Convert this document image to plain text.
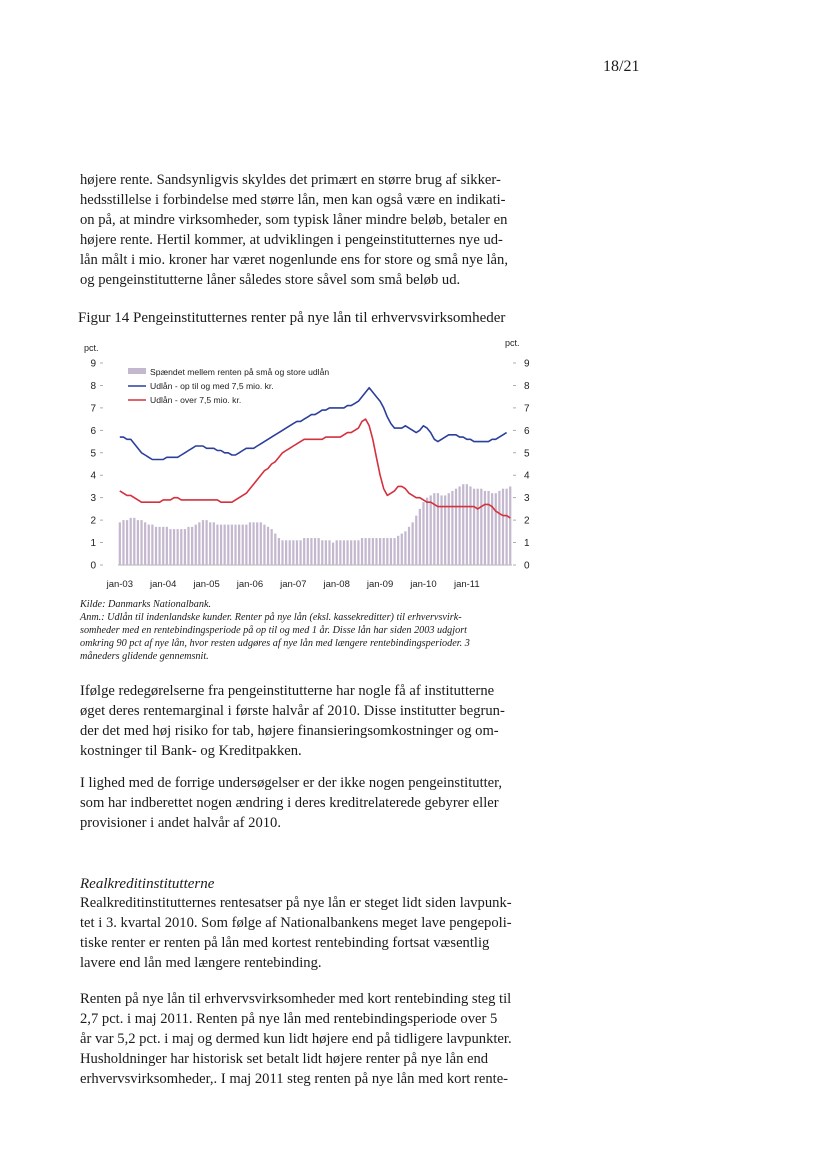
18/21

højere rente. Sandsynligvis skyldes det primært en større brug af sikker-
hedsstillelse i forbindelse med større lån, men kan også være en indikati-
on på, at mindre virksomheder, som typisk låner mindre beløb, betaler en
højere rente. Hertil kommer, at udviklingen i pengeinstitutternes nye ud-
lån målt i mio. kroner har været nogenlunde ens for store og små nye lån,
og pengeinstitutterne låner således store såvel som små beløb ud.

Figur 14 Pengeinstitutternes renter på nye lån til erhvervsvirksomheder
pct.	pct.
0	0
1	1
2	2
3	3
4	4
5	5
6	6
7	7
8	8
9	9
jan-03 jan-04 jan-05 jan-06 jan-07 jan-08 jan-09 jan-10 jan-11
Spændet mellem renten på små og store udlån
Udlån - op til og med 7,5 mio. kr.
Udlån - over 7,5 mio. kr.

Kilde: Danmarks Nationalbank.
Anm.: Udlån til indenlandske kunder. Renter på nye lån (eksl. kassekreditter) til erhvervsvirk-
somheder med en rentebindingsperiode på op til og med 1 år. Disse lån har siden 2003 udgjort
omkring 90 pct af nye lån, hvor resten udgøres af nye lån med længere rentebindingsperioder. 3
måneders glidende gennemsnit.

Ifølge redegørelserne fra pengeinstitutterne har nogle få af institutterne
øget deres rentemarginal i første halvår af 2010. Disse institutter begrun-
der det med høj risiko for tab, højere finansieringsomkostninger og om-
kostninger til Bank- og Kreditpakken.

I lighed med de forrige undersøgelser er der ikke nogen pengeinstitutter,
som har indberettet nogen ændring i deres kreditrelaterede gebyrer eller
provisioner i andet halvår af 2010.

Realkreditinstitutterne

Realkreditinstitutternes rentesatser på nye lån er steget lidt siden lavpunk-
tet i 3. kvartal 2010. Som følge af Nationalbankens meget lave pengepoli-
tiske renter er renten på lån med kortest rentebinding fortsat væsentlig
lavere end lån med længere rentebinding.

Renten på nye lån til erhvervsvirksomheder med kort rentebinding steg til
2,7 pct. i maj 2011. Renten på nye lån med rentebindingsperiode over 5
år var 5,2 pct. i maj og dermed kun lidt højere end på tidligere lavpunkter.
Husholdninger har historisk set betalt lidt højere renter på nye lån end
erhvervsvirksomheder,. I maj 2011 steg renten på nye lån med kort rente-
